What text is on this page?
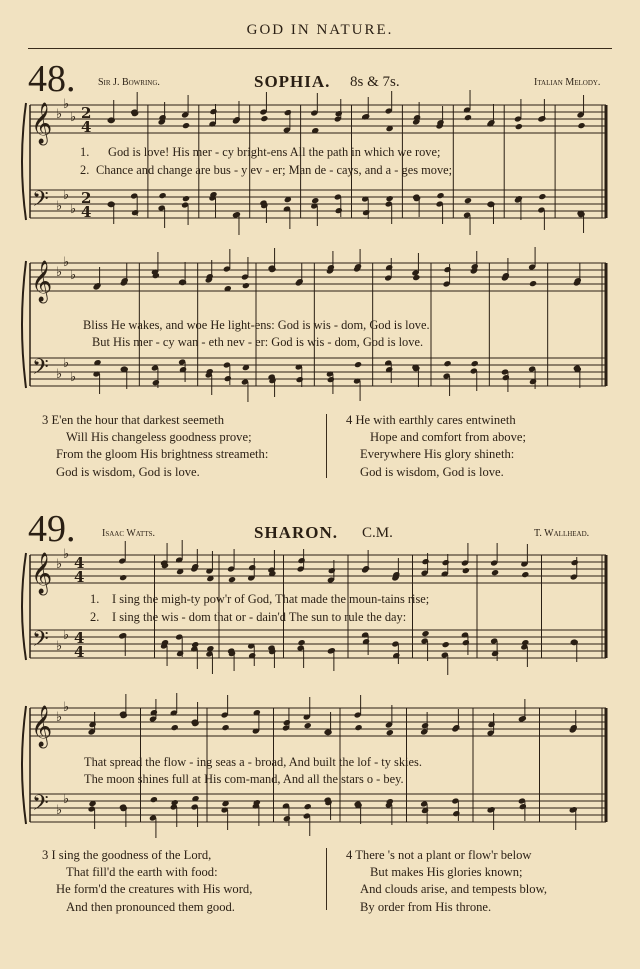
GOD IN NATURE.
𝄞
𝄢
♭
♭
♭
♭
♭
♭
2
4
2
4
𝄞
𝄢
♭
♭
♭
♭
♭
♭
𝄞
𝄢
♭
♭
♭
♭
4
4
4
4
𝄞
𝄢
♭
♭
♭
♭
48. Sir J. Bowring.	SOPHIA. 8s & 7s.	Italian Melody.
1. God is love! His mer - cy bright-ens All the path in which we rove;
2. Chance and change are bus - y ev - er; Man de - cays, and a - ges move;
Bliss He wakes, and woe He light-ens: God is wis - dom, God is love.
But His mer - cy wan - eth nev - er: God is wis - dom, God is love.
3 E'en the hour that darkest seemeth
Will His changeless goodness prove;
From the gloom His brightness streameth:
God is wisdom, God is love.
4 He with earthly cares entwineth
Hope and comfort from above;
Everywhere His glory shineth:
God is wisdom, God is love.
49.	Isaac Watts.	SHARON. C.M.	T. Wallhead.
1. I sing the migh-ty pow'r of God, That made the moun-tains rise;
2. I sing the wis - dom that or - dain'd The sun to rule the day:
That spread the flow - ing seas a - broad, And built the lof - ty skies.
The moon shines full at His com-mand, And all the stars o - bey.
3 I sing the goodness of the Lord,
That fill'd the earth with food:
He form'd the creatures with His word,
And then pronounced them good.
4 There 's not a plant or flow'r below
But makes His glories known;
And clouds arise, and tempests blow,
By order from His throne.
